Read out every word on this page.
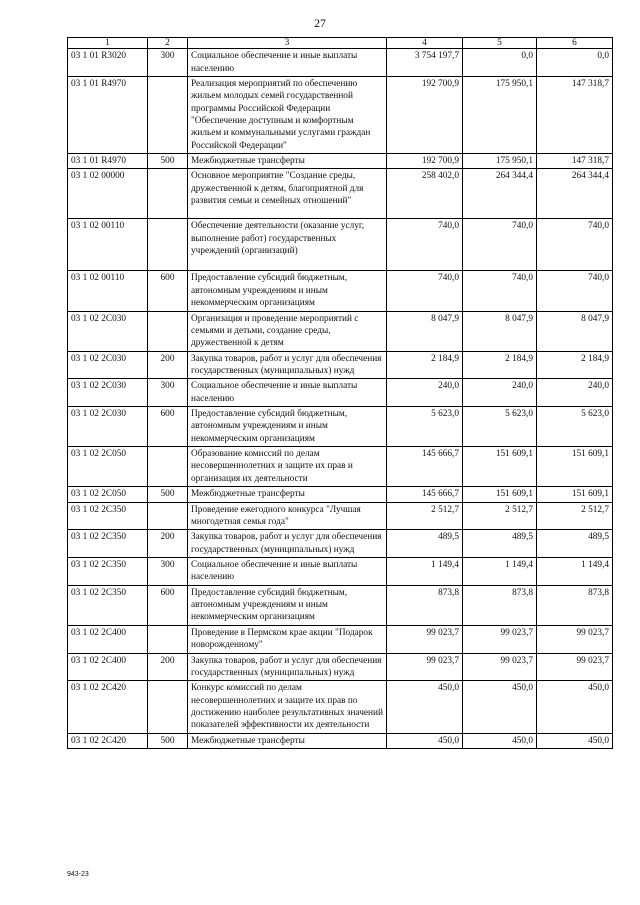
27
1	2	3	4	5	6
03 1 01 R3020	300	Социальное обеспечение и иные выплаты населению	3 754 197,7	0,0	0,0
03 1 01 R4970		Реализация мероприятий по обеспечению жильем молодых семей государственной программы Российской Федерации "Обеспечение доступным и комфортным жильем и коммунальными услугами граждан Российской Федерации"	192 700,9	175 950,1	147 318,7
03 1 01 R4970	500	Межбюджетные трансферты	192 700,9	175 950,1	147 318,7
03 1 02 00000		Основное мероприятие "Создание среды, дружественной к детям, благоприятной для развития семьи и семейных отношений"	258 402,0	264 344,4	264 344,4
03 1 02 00110		Обеспечение деятельности (оказание услуг, выполнение работ) государственных учреждений (организаций)	740,0	740,0	740,0
03 1 02 00110	600	Предоставление субсидий бюджетным, автономным учреждениям и иным некоммерческим организациям	740,0	740,0	740,0
03 1 02 2С030		Организация и проведение мероприятий с семьями и детьми, создание среды, дружественной к детям	8 047,9	8 047,9	8 047,9
03 1 02 2С030	200	Закупка товаров, работ и услуг для обеспечения государственных (муниципальных) нужд	2 184,9	2 184,9	2 184,9
03 1 02 2С030	300	Социальное обеспечение и иные выплаты населению	240,0	240,0	240,0
03 1 02 2С030	600	Предоставление субсидий бюджетным, автономным учреждениям и иным некоммерческим организациям	5 623,0	5 623,0	5 623,0
03 1 02 2С050		Образование комиссий по делам несовершеннолетних и защите их прав и организация их деятельности	145 666,7	151 609,1	151 609,1
03 1 02 2С050	500	Межбюджетные трансферты	145 666,7	151 609,1	151 609,1
03 1 02 2С350		Проведение ежегодного конкурса "Лучшая многодетная семья года"	2 512,7	2 512,7	2 512,7
03 1 02 2С350	200	Закупка товаров, работ и услуг для обеспечения государственных (муниципальных) нужд	489,5	489,5	489,5
03 1 02 2С350	300	Социальное обеспечение и иные выплаты населению	1 149,4	1 149,4	1 149,4
03 1 02 2С350	600	Предоставление субсидий бюджетным, автономным учреждениям и иным некоммерческим организациям	873,8	873,8	873,8
03 1 02 2С400		Проведение в Пермском крае акции "Подарок новорожденному"	99 023,7	99 023,7	99 023,7
03 1 02 2С400	200	Закупка товаров, работ и услуг для обеспечения государственных (муниципальных) нужд	99 023,7	99 023,7	99 023,7
03 1 02 2С420		Конкурс комиссий по делам несовершеннолетних и защите их прав по достижению наиболее результативных значений показателей эффективности их деятельности	450,0	450,0	450,0
03 1 02 2С420	500	Межбюджетные трансферты	450,0	450,0	450,0
943-23
